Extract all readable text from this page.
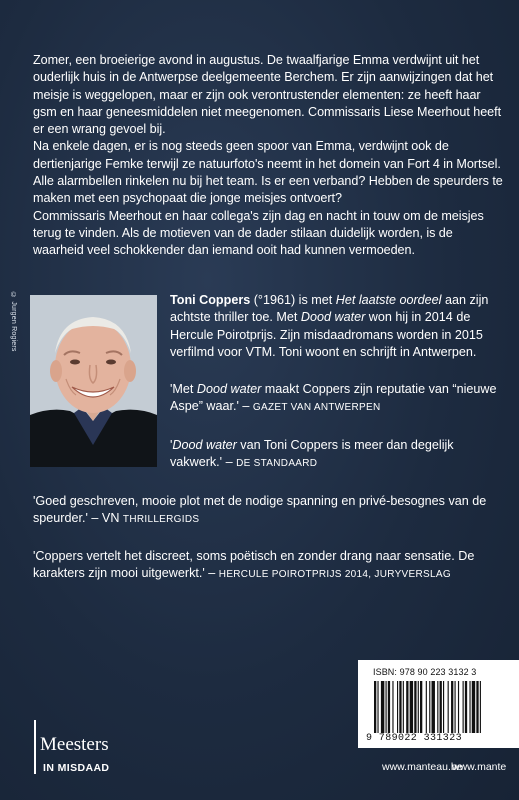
Zomer, een broeierige avond in augustus. De twaalfjarige Emma verdwijnt uit het ouderlijk huis in de Antwerpse deelgemeente Berchem. Er zijn aanwijzingen dat het meisje is weggelopen, maar er zijn ook verontrustender elementen: ze heeft haar gsm en haar geneesmiddelen niet meegenomen. Commissaris Liese Meerhout heeft er een wrang gevoel bij.

Na enkele dagen, er is nog steeds geen spoor van Emma, verdwijnt ook de dertienjarige Femke terwijl ze natuurfoto's neemt in het domein van Fort 4 in Mortsel.

Alle alarmbellen rinkelen nu bij het team. Is er een verband? Hebben de speurders te maken met een psychopaat die jonge meisjes ontvoert?

Commissaris Meerhout en haar collega's zijn dag en nacht in touw om de meisjes terug te vinden. Als de motieven van de dader stilaan duidelijk worden, is de waarheid veel schokkender dan iemand ooit had kunnen vermoeden.

© Jurgen Rogiers	Toni Coppers (°1961) is met Het laatste oordeel aan zijn achtste thriller toe. Met Dood water won hij in 2014 de Hercule Poirotprijs. Zijn misdaadromans worden in 2015 verfilmd voor VTM. Toni woont en schrijft in Antwerpen.

'Met Dood water maakt Coppers zijn reputatie van “nieuwe Aspe” waar.' – GAZET VAN ANTWERPEN
'Dood water van Toni Coppers is meer dan degelijk vakwerk.' – DE STANDAARD
'Goed geschreven, mooie plot met de nodige spanning en privé-besognes van de speurder.' – VN THRILLERGIDS
'Coppers vertelt het discreet, soms poëtisch en zonder drang naar sensatie. De karakters zijn mooi uitgewerkt.' – HERCULE POIROTPRIJS 2014, JURYVERSLAG
ISBN: 978 90 223 3132 3
9 789022 331323
www.manteau.be
www.mante
Meesters
IN MISDAAD
